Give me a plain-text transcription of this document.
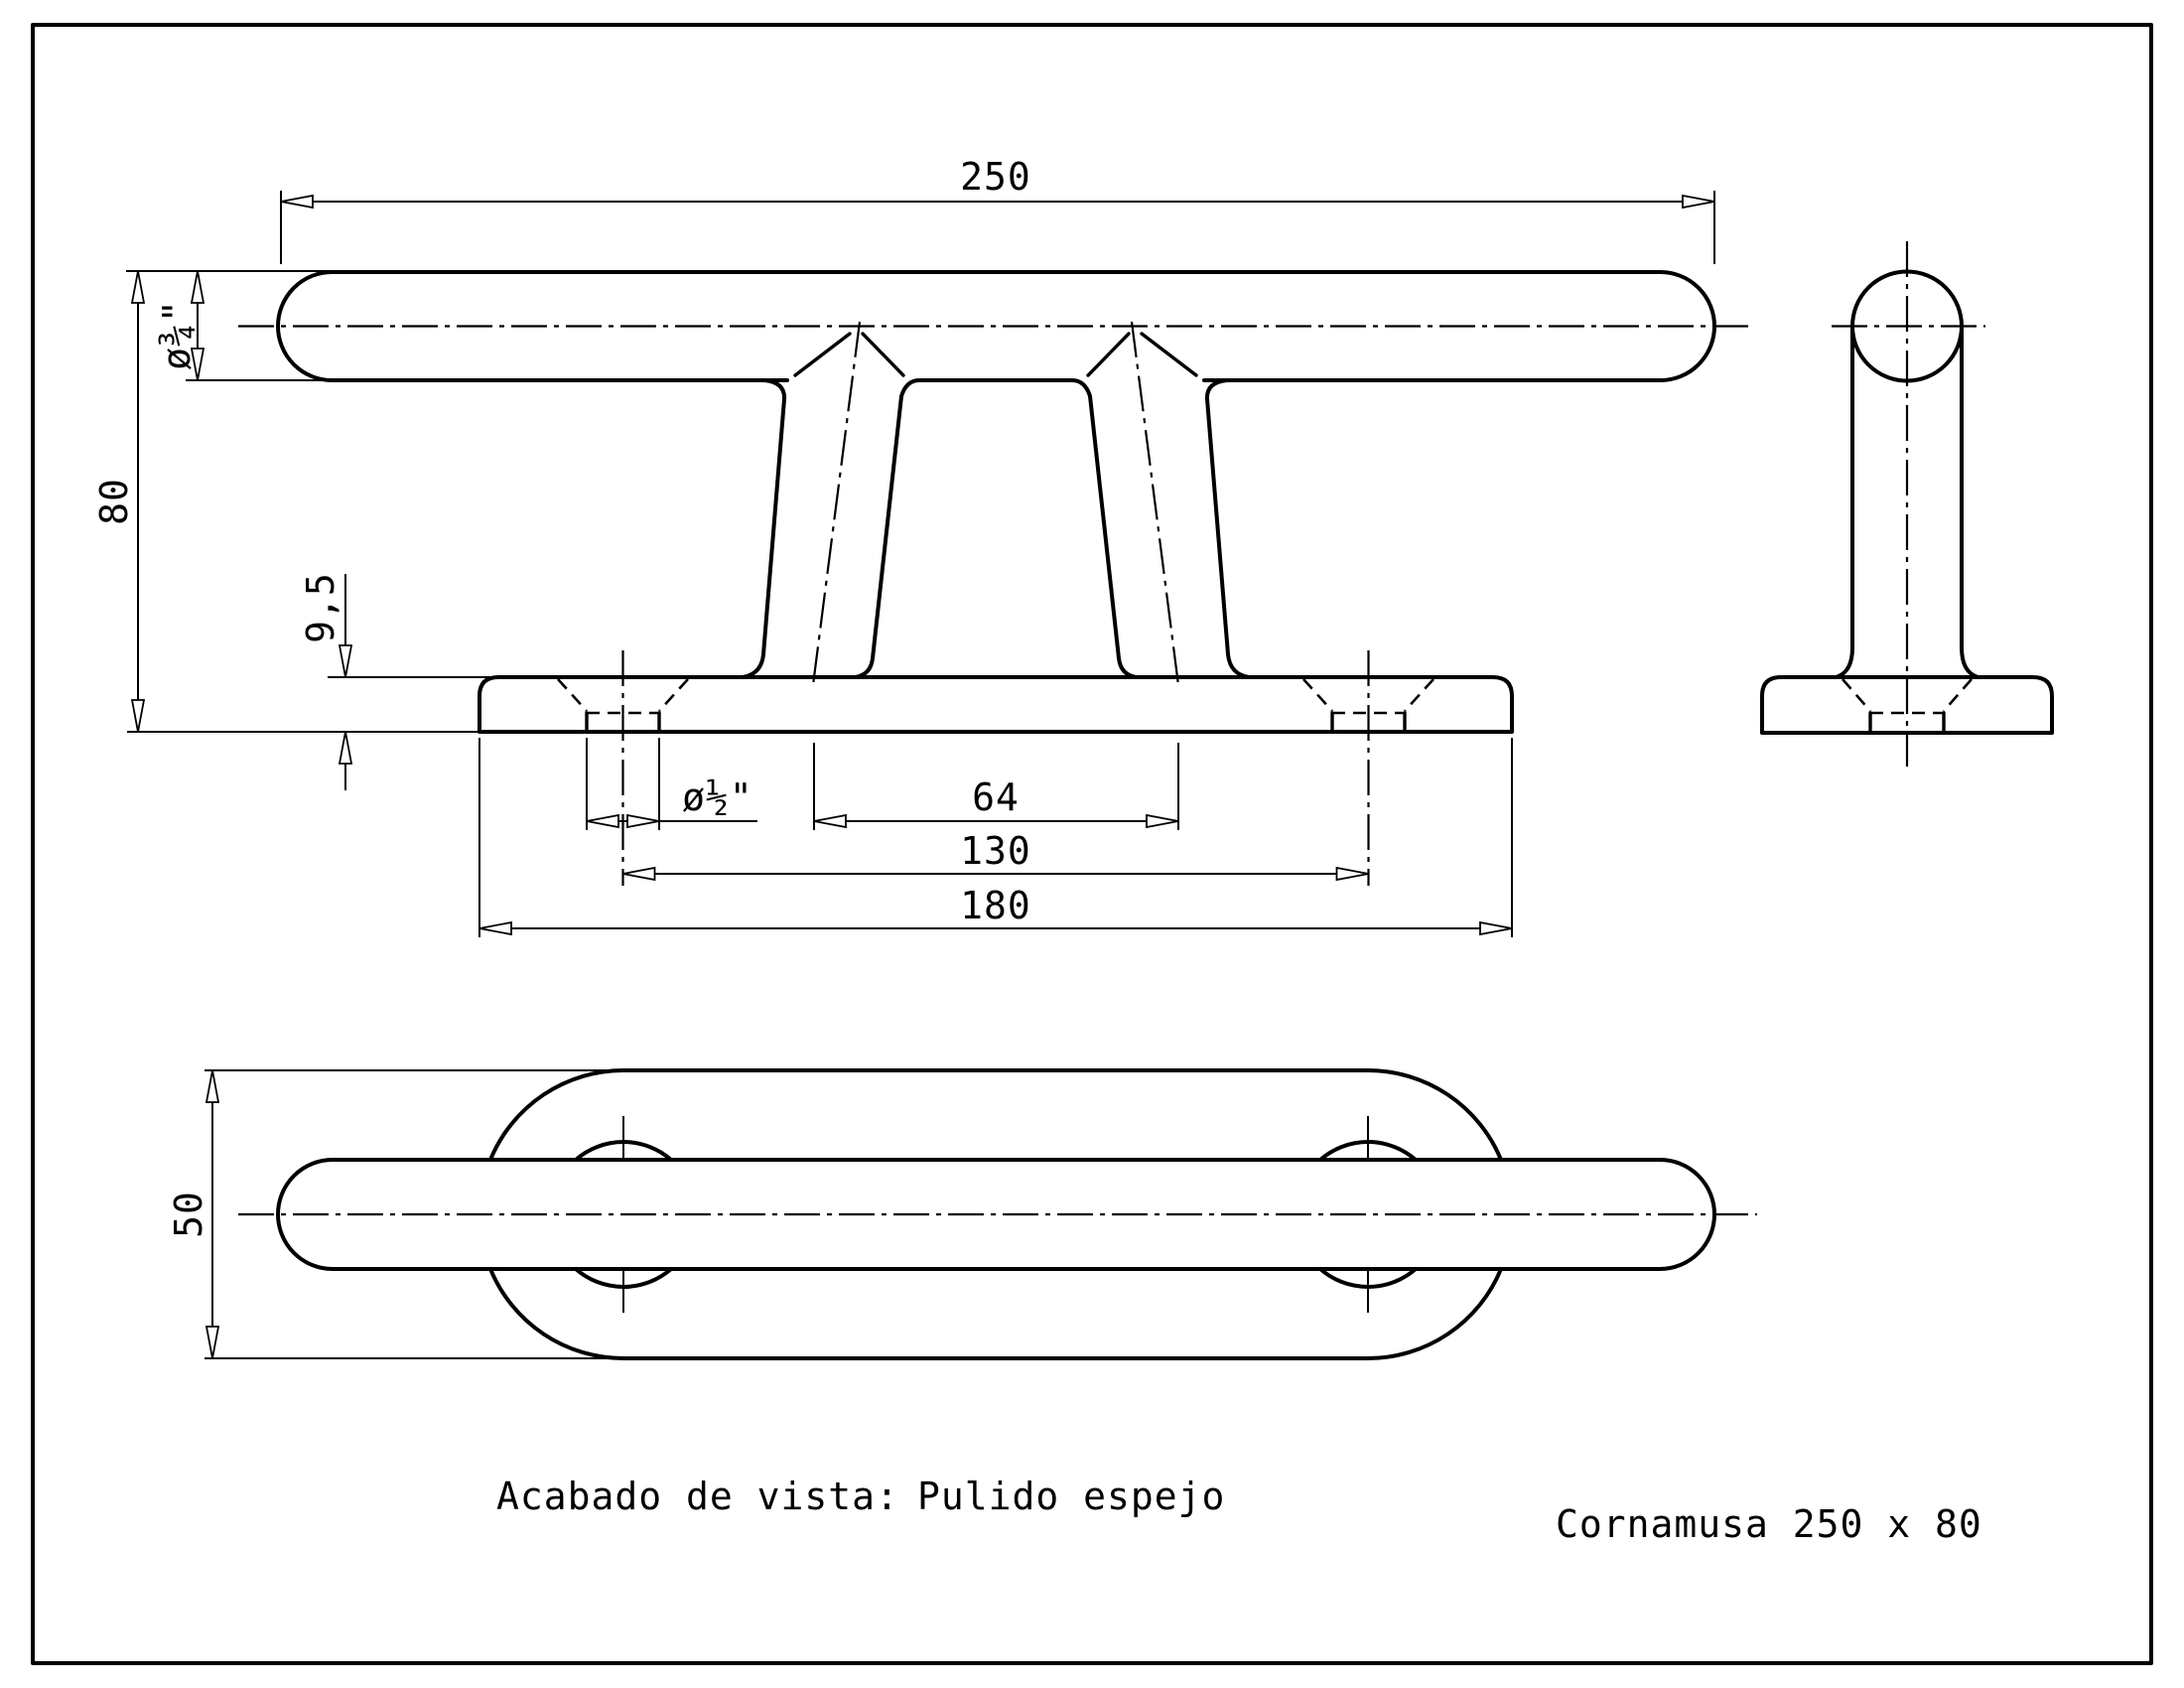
250
80
ø¾"
9,5
ø½"	64
130
180
50
Acabado de vista: Pulido espejo
Cornamusa 250 x 80
